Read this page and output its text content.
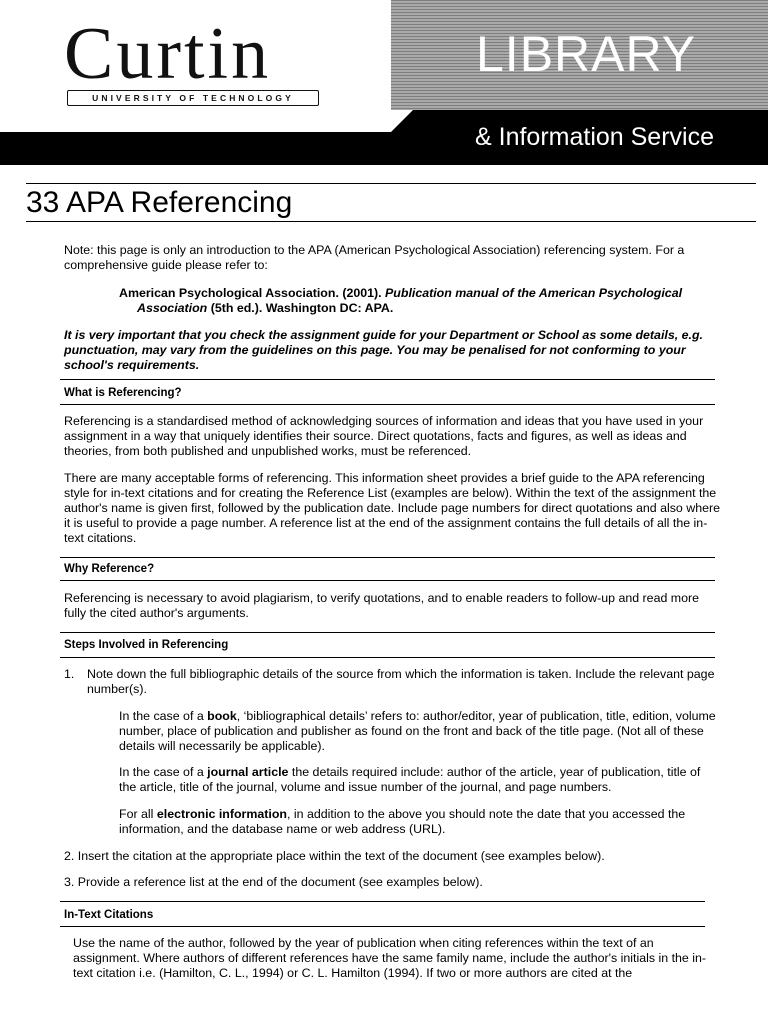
Curtin
UNIVERSITY OF TECHNOLOGY
LIBRARY
& Information Service
33 APA Referencing

Note: this page is only an introduction to the APA (American Psychological Association) referencing system. For a comprehensive guide please refer to:

American Psychological Association. (2001). Publication manual of the American Psychological Association (5th ed.). Washington DC: APA.

It is very important that you check the assignment guide for your Department or School as some details, e.g. punctuation, may vary from the guidelines on this page. You may be penalised for not conforming to your school's requirements.

What is Referencing?

Referencing is a standardised method of acknowledging sources of information and ideas that you have used in your assignment in a way that uniquely identifies their source. Direct quotations, facts and figures, as well as ideas and theories, from both published and unpublished works, must be referenced.

There are many acceptable forms of referencing. This information sheet provides a brief guide to the APA referencing style for in-text citations and for creating the Reference List (examples are below). Within the text of the assignment the author's name is given first, followed by the publication date. Include page numbers for direct quotations and also where it is useful to provide a page number. A reference list at the end of the assignment contains the full details of all the in-text citations.

Why Reference?

Referencing is necessary to avoid plagiarism, to verify quotations, and to enable readers to follow-up and read more fully the cited author's arguments.

Steps Involved in Referencing
1. Note down the full bibliographic details of the source from which the information is taken. Include the relevant page number(s).

In the case of a book, ‘bibliographical details’ refers to: author/editor, year of publication, title, edition, volume number, place of publication and publisher as found on the front and back of the title page. (Not all of these details will necessarily be applicable).

In the case of a journal article the details required include: author of the article, year of publication, title of the article, title of the journal, volume and issue number of the journal, and page numbers.

For all electronic information, in addition to the above you should note the date that you accessed the information, and the database name or web address (URL).

2. Insert the citation at the appropriate place within the text of the document (see examples below).

3. Provide a reference list at the end of the document (see examples below).

In-Text Citations

Use the name of the author, followed by the year of publication when citing references within the text of an assignment. Where authors of different references have the same family name, include the author's initials in the in-text citation i.e. (Hamilton, C. L., 1994) or C. L. Hamilton (1994). If two or more authors are cited at the
